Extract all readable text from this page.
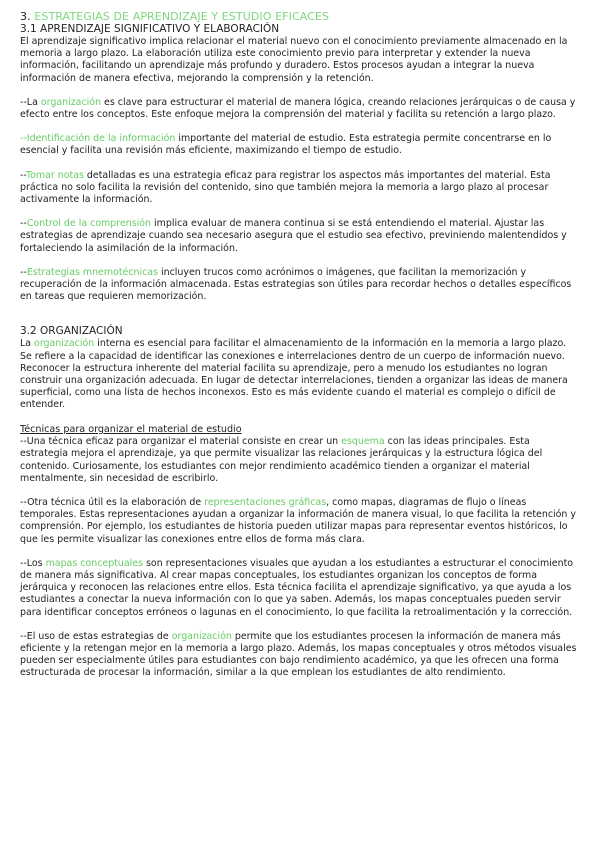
3. ESTRATEGIAS DE APRENDIZAJE Y ESTUDIO EFICACES
3.1 APRENDIZAJE SIGNIFICATIVO Y ELABORACIÓN

El aprendizaje significativo implica relacionar el material nuevo con el conocimiento previamente almacenado en la memoria a largo plazo. La elaboración utiliza este conocimiento previo para interpretar y extender la nueva información, facilitando un aprendizaje más profundo y duradero. Estos procesos ayudan a integrar la nueva información de manera efectiva, mejorando la comprensión y la retención.

--La organización es clave para estructurar el material de manera lógica, creando relaciones jerárquicas o de causa y efecto entre los conceptos. Este enfoque mejora la comprensión del material y facilita su retención a largo plazo.

--Identificación de la información importante del material de estudio. Esta estrategia permite concentrarse en lo esencial y facilita una revisión más eficiente, maximizando el tiempo de estudio.

--Tomar notas detalladas es una estrategia eficaz para registrar los aspectos más importantes del material. Esta práctica no solo facilita la revisión del contenido, sino que también mejora la memoria a largo plazo al procesar activamente la información.

--Control de la comprensión implica evaluar de manera continua si se está entendiendo el material. Ajustar las estrategias de aprendizaje cuando sea necesario asegura que el estudio sea efectivo, previniendo malentendidos y fortaleciendo la asimilación de la información.

--Estrategias mnemotécnicas incluyen trucos como acrónimos o imágenes, que facilitan la memorización y recuperación de la información almacenada. Estas estrategias son útiles para recordar hechos o detalles específicos en tareas que requieren memorización.

3.2 ORGANIZACIÓN

La organización interna es esencial para facilitar el almacenamiento de la información en la memoria a largo plazo. Se refiere a la capacidad de identificar las conexiones e interrelaciones dentro de un cuerpo de información nuevo. Reconocer la estructura inherente del material facilita su aprendizaje, pero a menudo los estudiantes no logran construir una organización adecuada. En lugar de detectar interrelaciones, tienden a organizar las ideas de manera superficial, como una lista de hechos inconexos. Esto es más evidente cuando el material es complejo o difícil de entender.

Técnicas para organizar el material de estudio

--Una técnica eficaz para organizar el material consiste en crear un esquema con las ideas principales. Esta estrategia mejora el aprendizaje, ya que permite visualizar las relaciones jerárquicas y la estructura lógica del contenido. Curiosamente, los estudiantes con mejor rendimiento académico tienden a organizar el material mentalmente, sin necesidad de escribirlo.

--Otra técnica útil es la elaboración de representaciones gráficas, como mapas, diagramas de flujo o líneas temporales. Estas representaciones ayudan a organizar la información de manera visual, lo que facilita la retención y comprensión. Por ejemplo, los estudiantes de historia pueden utilizar mapas para representar eventos históricos, lo que les permite visualizar las conexiones entre ellos de forma más clara.

--Los mapas conceptuales son representaciones visuales que ayudan a los estudiantes a estructurar el conocimiento de manera más significativa. Al crear mapas conceptuales, los estudiantes organizan los conceptos de forma jerárquica y reconocen las relaciones entre ellos. Esta técnica facilita el aprendizaje significativo, ya que ayuda a los estudiantes a conectar la nueva información con lo que ya saben. Además, los mapas conceptuales pueden servir para identificar conceptos erróneos o lagunas en el conocimiento, lo que facilita la retroalimentación y la corrección.

--El uso de estas estrategias de organización permite que los estudiantes procesen la información de manera más eficiente y la retengan mejor en la memoria a largo plazo. Además, los mapas conceptuales y otros métodos visuales pueden ser especialmente útiles para estudiantes con bajo rendimiento académico, ya que les ofrecen una forma estructurada de procesar la información, similar a la que emplean los estudiantes de alto rendimiento.
